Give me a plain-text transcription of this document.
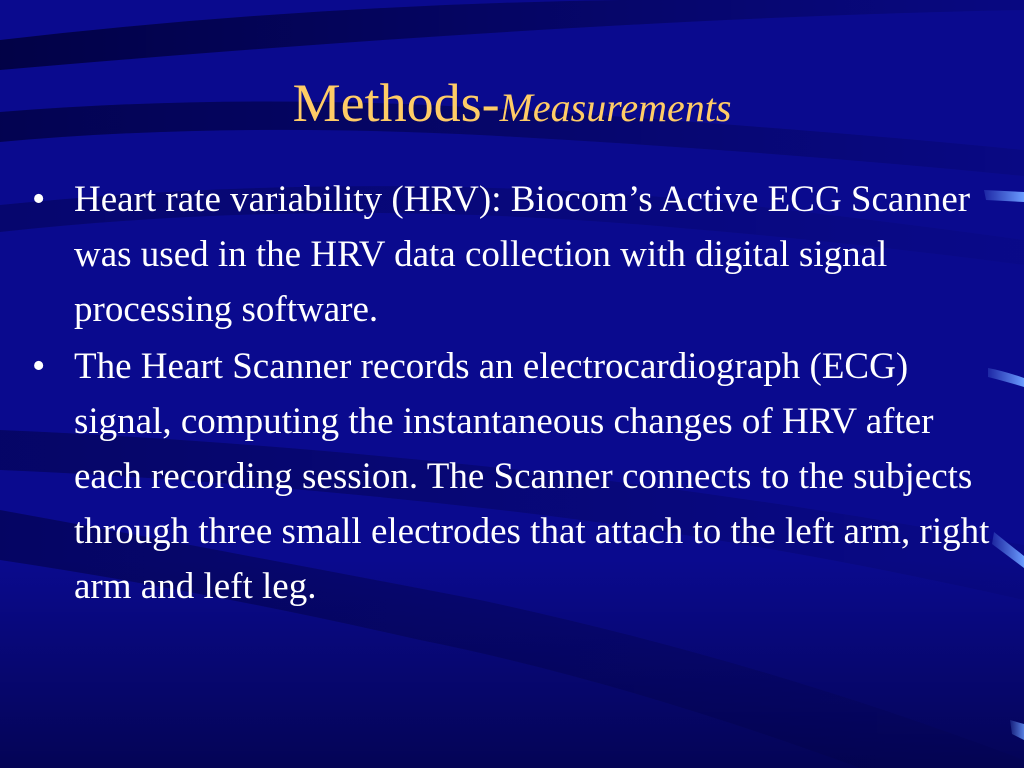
Methods-Measurements
• Heart rate variability (HRV): Biocom’s Active ECG Scanner was used in the HRV data collection with digital signal processing software.
• The Heart Scanner records an electrocardiograph (ECG) signal, computing the instantaneous changes of HRV after each recording session. The Scanner connects to the subjects through three small electrodes that attach to the left arm, right arm and left leg.
